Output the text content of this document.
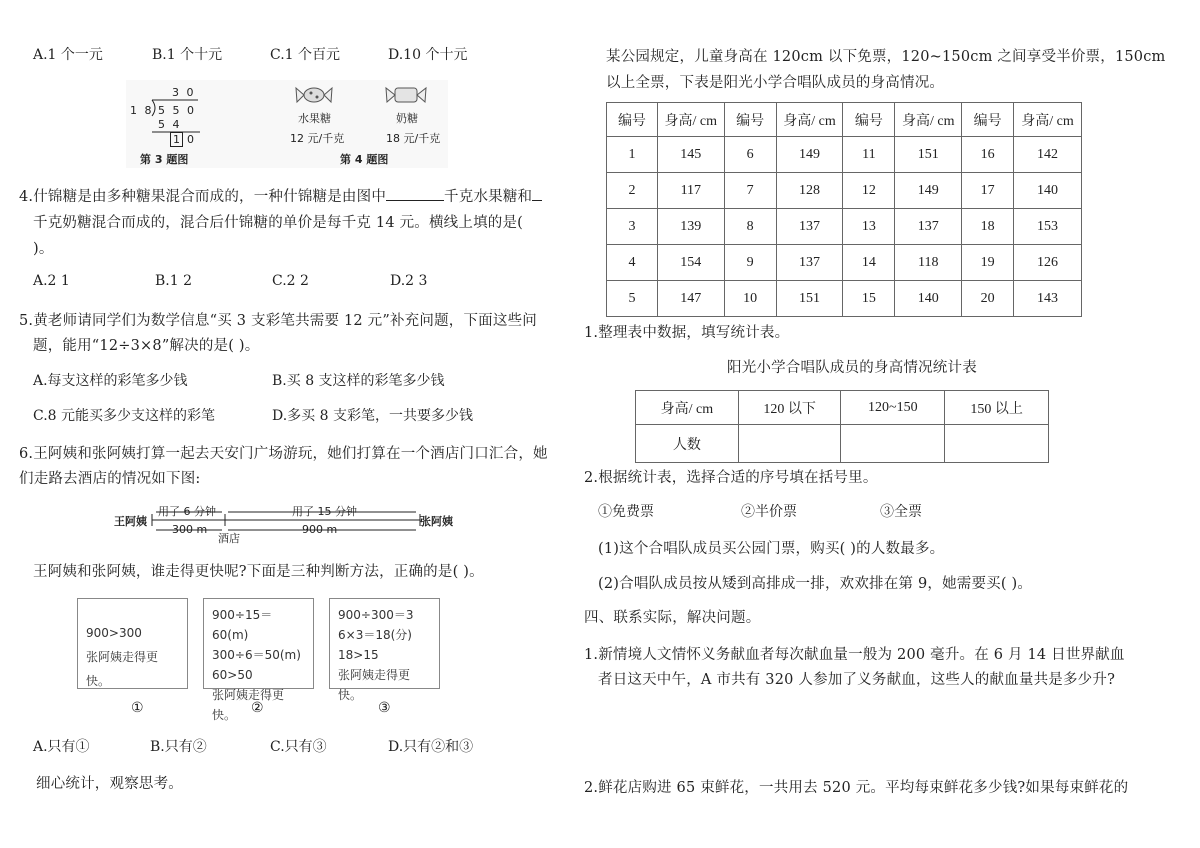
A.1 个一元	B.1 个十元	C.1 个百元	D.10 个十元
3 0
1 8 5 5 0
5 4
1 0
第 3 题图
水果糖	奶糖
12 元/千克	18 元/千克
第 4 题图
4.什锦糖是由多种糖果混合而成的，一种什锦糖是由图中	千克水果糖和
千克奶糖混合而成的，混合后什锦糖的单价是每千克 14 元。横线上填的是(
)。
A.2 1	B.1 2	C.2 2	D.2 3
5.黄老师请同学们为数学信息“买 3 支彩笔共需要 12 元”补充问题，下面这些问
题，能用“12÷3×8”解决的是( )。
A.每支这样的彩笔多少钱	B.买 8 支这样的彩笔多少钱
C.8 元能买多少支这样的彩笔	D.多买 8 支彩笔，一共要多少钱
6.王阿姨和张阿姨打算一起去天安门广场游玩，她们打算在一个酒店门口汇合，她
们走路去酒店的情况如下图:
王阿姨	张阿姨
用了 6 分钟	用了 15 分钟
300 m	900 m
酒店
王阿姨和张阿姨，谁走得更快呢?下面是三种判断方法，正确的是( )。
900>300
张阿姨走得更快。
900÷15＝60(m)
300÷6＝50(m)
60>50
张阿姨走得更快。
900÷300＝3
6×3＝18(分)
18>15
张阿姨走得更快。
①	②	③
A.只有①	B.只有②	C.只有③	D.只有②和③
细心统计，观察思考。
某公园规定，儿童身高在 120cm 以下免票，120~150cm 之间享受半价票，150cm
以上全票，下表是阳光小学合唱队成员的身高情况。
编号	身高/ cm	编号	身高/ cm	编号	身高/ cm	编号	身高/ cm
1	145	6	149	11	151	16	142
2	117	7	128	12	149	17	140
3	139	8	137	13	137	18	153
4	154	9	137	14	118	19	126
5	147	10	151	15	140	20	143
1.整理表中数据，填写统计表。
阳光小学合唱队成员的身高情况统计表
身高/ cm	120 以下	120~150	150 以上
人数			
2.根据统计表，选择合适的序号填在括号里。
①免费票	②半价票	③全票
(1)这个合唱队成员买公园门票，购买( )的人数最多。
(2)合唱队成员按从矮到高排成一排，欢欢排在第 9，她需要买( )。
四、联系实际，解决问题。
1.新情境人文情怀义务献血者每次献血量一般为 200 毫升。在 6 月 14 日世界献血
者日这天中午，A 市共有 320 人参加了义务献血，这些人的献血量共是多少升?
2.鲜花店购进 65 束鲜花，一共用去 520 元。平均每束鲜花多少钱?如果每束鲜花的
